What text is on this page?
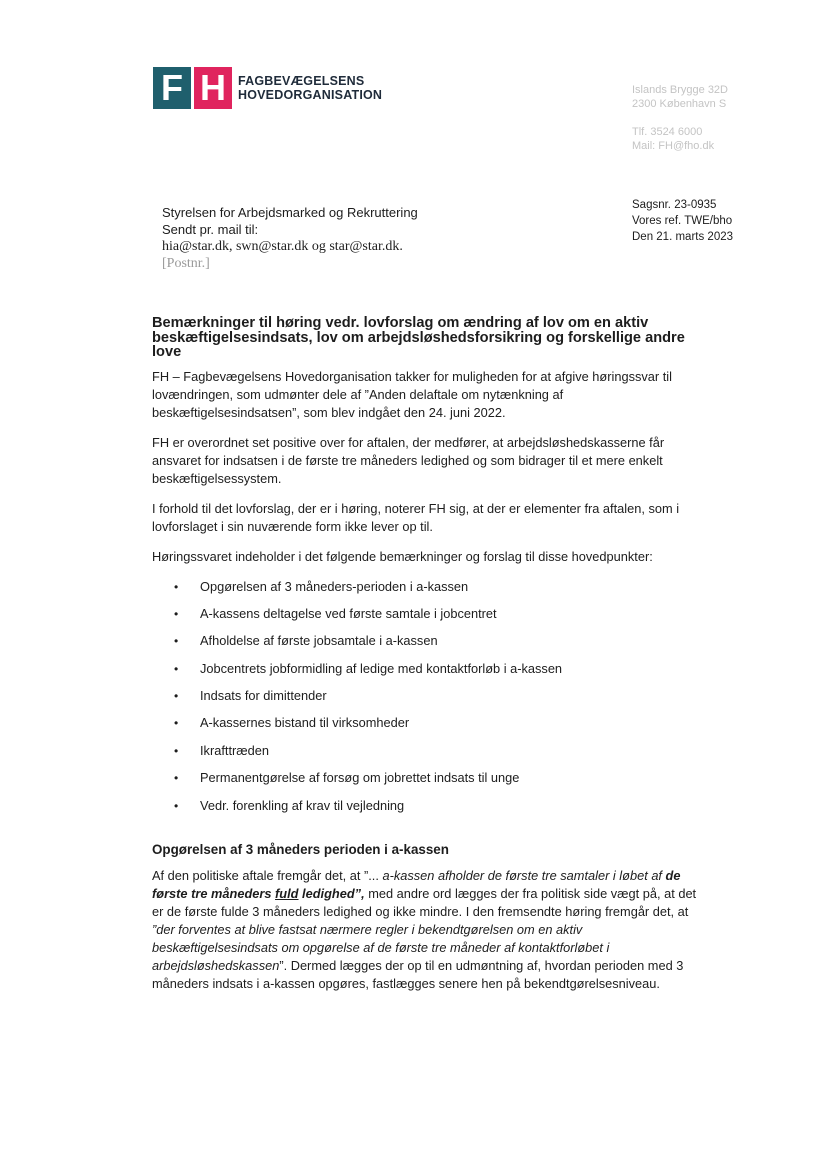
F H FAGBEVÆGELSENS
HOVEDORGANISATION	Islands Brygge 32D
2300 København S
Tlf. 3524 6000
Mail: FH@fho.dk
Sagsnr. 23-0935
Vores ref. TWE/bho
Den 21. marts 2023
Styrelsen for Arbejdsmarked og Rekruttering
Sendt pr. mail til:
hia@star.dk, swn@star.dk og star@star.dk.
[Postnr.]
Bemærkninger til høring vedr. lovforslag om ændring af lov om en aktiv beskæftigelsesindsats, lov om arbejdsløshedsforsikring og forskellige andre love

FH – Fagbevægelsens Hovedorganisation takker for muligheden for at afgive høringssvar til lovændringen, som udmønter dele af ”Anden delaftale om nytænkning af beskæftigelsesindsatsen”, som blev indgået den 24. juni 2022.

FH er overordnet set positive over for aftalen, der medfører, at arbejdsløshedskasserne får ansvaret for indsatsen i de første tre måneders ledighed og som bidrager til et mere enkelt beskæftigelsessystem.

I forhold til det lovforslag, der er i høring, noterer FH sig, at der er elementer fra aftalen, som i lovforslaget i sin nuværende form ikke lever op til.

Høringssvaret indeholder i det følgende bemærkninger og forslag til disse hovedpunkter:

• Opgørelsen af 3 måneders-perioden i a-kassen
• A-kassens deltagelse ved første samtale i jobcentret
• Afholdelse af første jobsamtale i a-kassen
• Jobcentrets jobformidling af ledige med kontaktforløb i a-kassen
• Indsats for dimittender
• A-kassernes bistand til virksomheder
• Ikrafttræden
• Permanentgørelse af forsøg om jobrettet indsats til unge
• Vedr. forenkling af krav til vejledning
Opgørelsen af 3 måneders perioden i a-kassen

Af den politiske aftale fremgår det, at ”... a-kassen afholder de første tre samtaler i løbet af de første tre måneders fuld ledighed”, med andre ord lægges der fra politisk side vægt på, at det er de første fulde 3 måneders ledighed og ikke mindre. I den fremsendte høring fremgår det, at ”der forventes at blive fastsat nærmere regler i bekendtgørelsen om en aktiv beskæftigelsesindsats om opgørelse af de første tre måneder af kontaktforløbet i arbejdsløshedskassen”. Dermed lægges der op til en udmøntning af, hvordan perioden med 3 måneders indsats i a-kassen opgøres, fastlægges senere hen på bekendtgørelsesniveau.
